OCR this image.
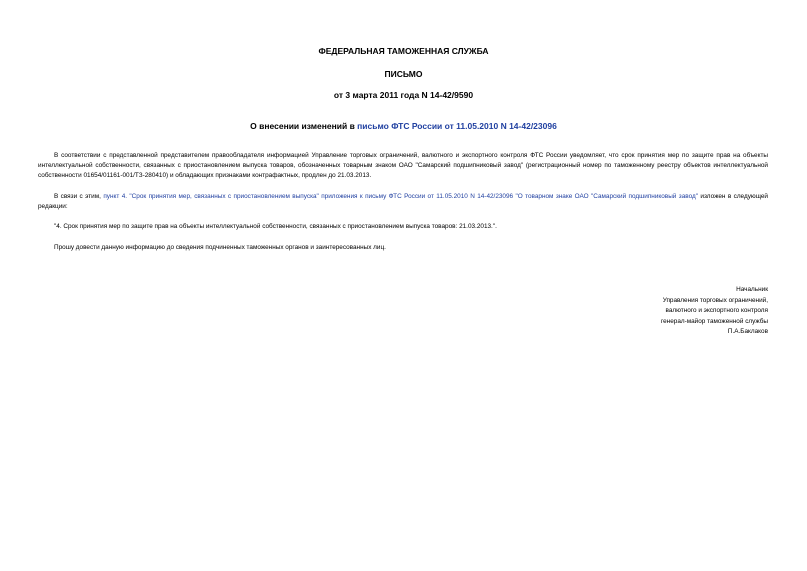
ФЕДЕРАЛЬНАЯ ТАМОЖЕННАЯ СЛУЖБА

ПИСЬМО

от 3 марта 2011 года N 14-42/9590

О внесении изменений в письмо ФТС России от 11.05.2010 N 14-42/23096

В соответствии с представленной представителем правообладателя информацией Управление торговых ограничений, валютного и экспортного контроля ФТС России уведомляет, что срок принятия мер по защите прав на объекты интеллектуальной собственности, связанных с приостановлением выпуска товаров, обозначенных товарным знаком ОАО "Самарский подшипниковый завод" (регистрационный номер по таможенному реестру объектов интеллектуальной собственности 01654/01161-001/ТЗ-280410) и обладающих признаками контрафактных, продлен до 21.03.2013.

В связи с этим, пункт 4. "Срок принятия мер, связанных с приостановлением выпуска" приложения к письму ФТС России от 11.05.2010 N 14-42/23096 "О товарном знаке ОАО "Самарский подшипниковый завод" изложен в следующей редакции:

"4. Срок принятия мер по защите прав на объекты интеллектуальной собственности, связанных с приостановлением выпуска товаров: 21.03.2013.".

Прошу довести данную информацию до сведения подчиненных таможенных органов и заинтересованных лиц.

Начальник
Управления торговых ограничений,
валютного и экспортного контроля
генерал-майор таможенной службы
П.А.Баклаков
